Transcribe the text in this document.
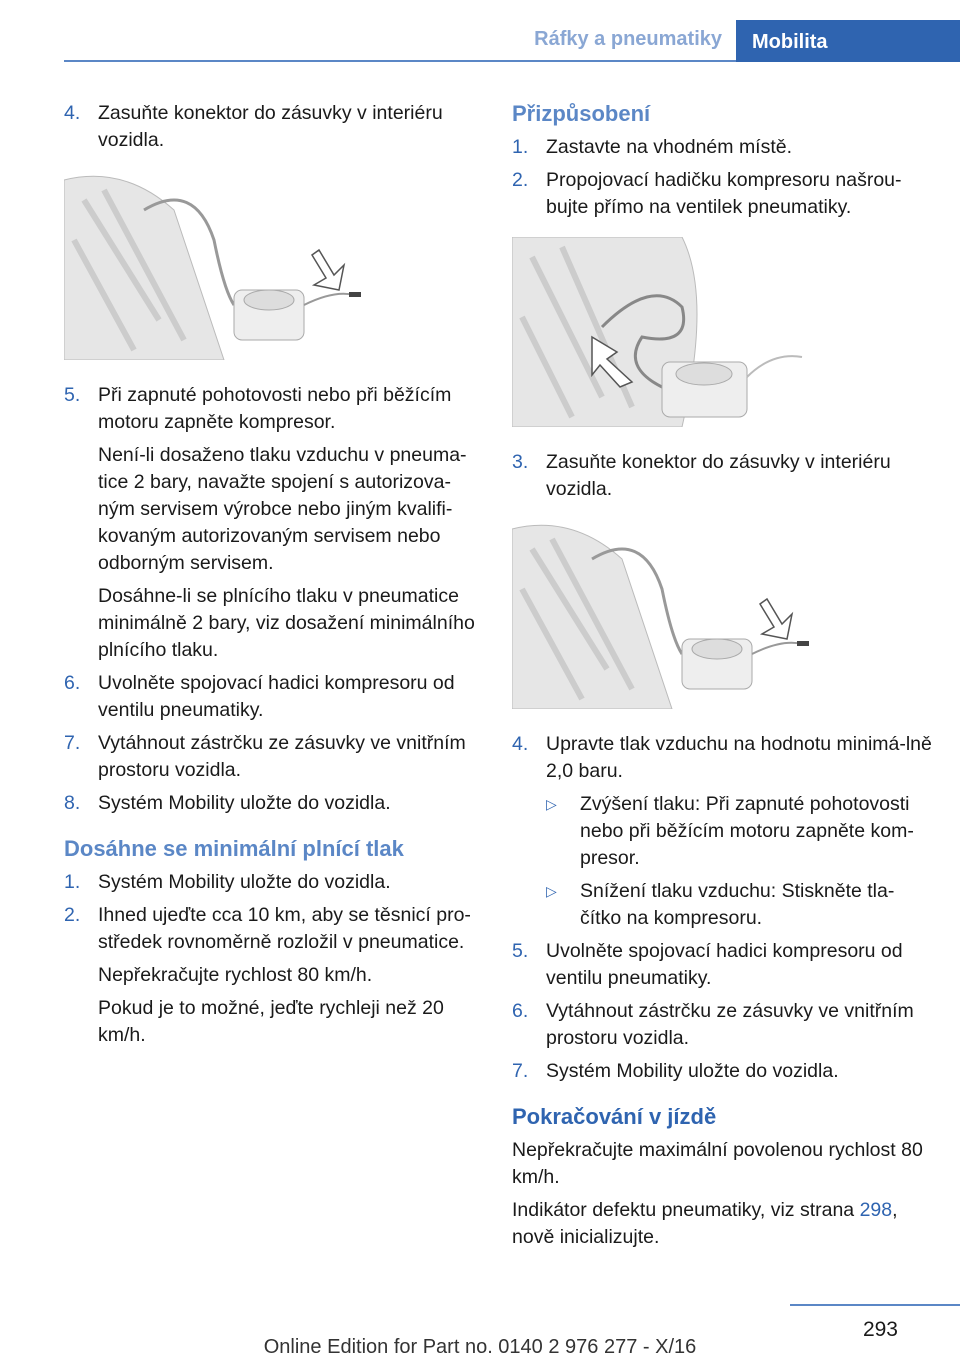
Ráfky a pneumatiky	Mobilita
4. Zasuňte konektor do zásuvky v interiéru vozidla.
5. Při zapnuté pohotovosti nebo při běžícím motoru zapněte kompresor.
Není-li dosaženo tlaku vzduchu v pneuma‐tice 2 bary, navažte spojení s autorizova‐ným servisem výrobce nebo jiným kvalifi‐kovaným autorizovaným servisem nebo odborným servisem.
Dosáhne-li se plnícího tlaku v pneumatice minimálně 2 bary, viz dosažení minimálního plnícího tlaku.
6. Uvolněte spojovací hadici kompresoru od ventilu pneumatiky.
7. Vytáhnout zástrčku ze zásuvky ve vnitřním prostoru vozidla.
8. Systém Mobility uložte do vozidla.
Dosáhne se minimální plnící tlak
1. Systém Mobility uložte do vozidla.
2. Ihned ujeďte cca 10 km, aby se těsnicí pro‐středek rovnoměrně rozložil v pneumatice.
Nepřekračujte rychlost 80 km/h.
Pokud je to možné, jeďte rychleji než 20 km/h.
Přizpůsobení
1. Zastavte na vhodném místě.
2. Propojovací hadičku kompresoru našrou‐bujte přímo na ventilek pneumatiky.
3. Zasuňte konektor do zásuvky v interiéru vozidla.
4. Upravte tlak vzduchu na hodnotu minimá‐lně 2,0 baru.
▷	Zvýšení tlaku: Při zapnuté pohotovosti nebo při běžícím motoru zapněte kom‐presor.
▷	Snížení tlaku vzduchu: Stiskněte tla‐čítko na kompresoru.
5. Uvolněte spojovací hadici kompresoru od ventilu pneumatiky.
6. Vytáhnout zástrčku ze zásuvky ve vnitřním prostoru vozidla.
7. Systém Mobility uložte do vozidla.
Pokračování v jízdě
Nepřekračujte maximální povolenou rychlost 80 km/h.
Indikátor defektu pneumatiky, viz strana 298, nově inicializujte.
293
Online Edition for Part no. 0140 2 976 277 - X/16
